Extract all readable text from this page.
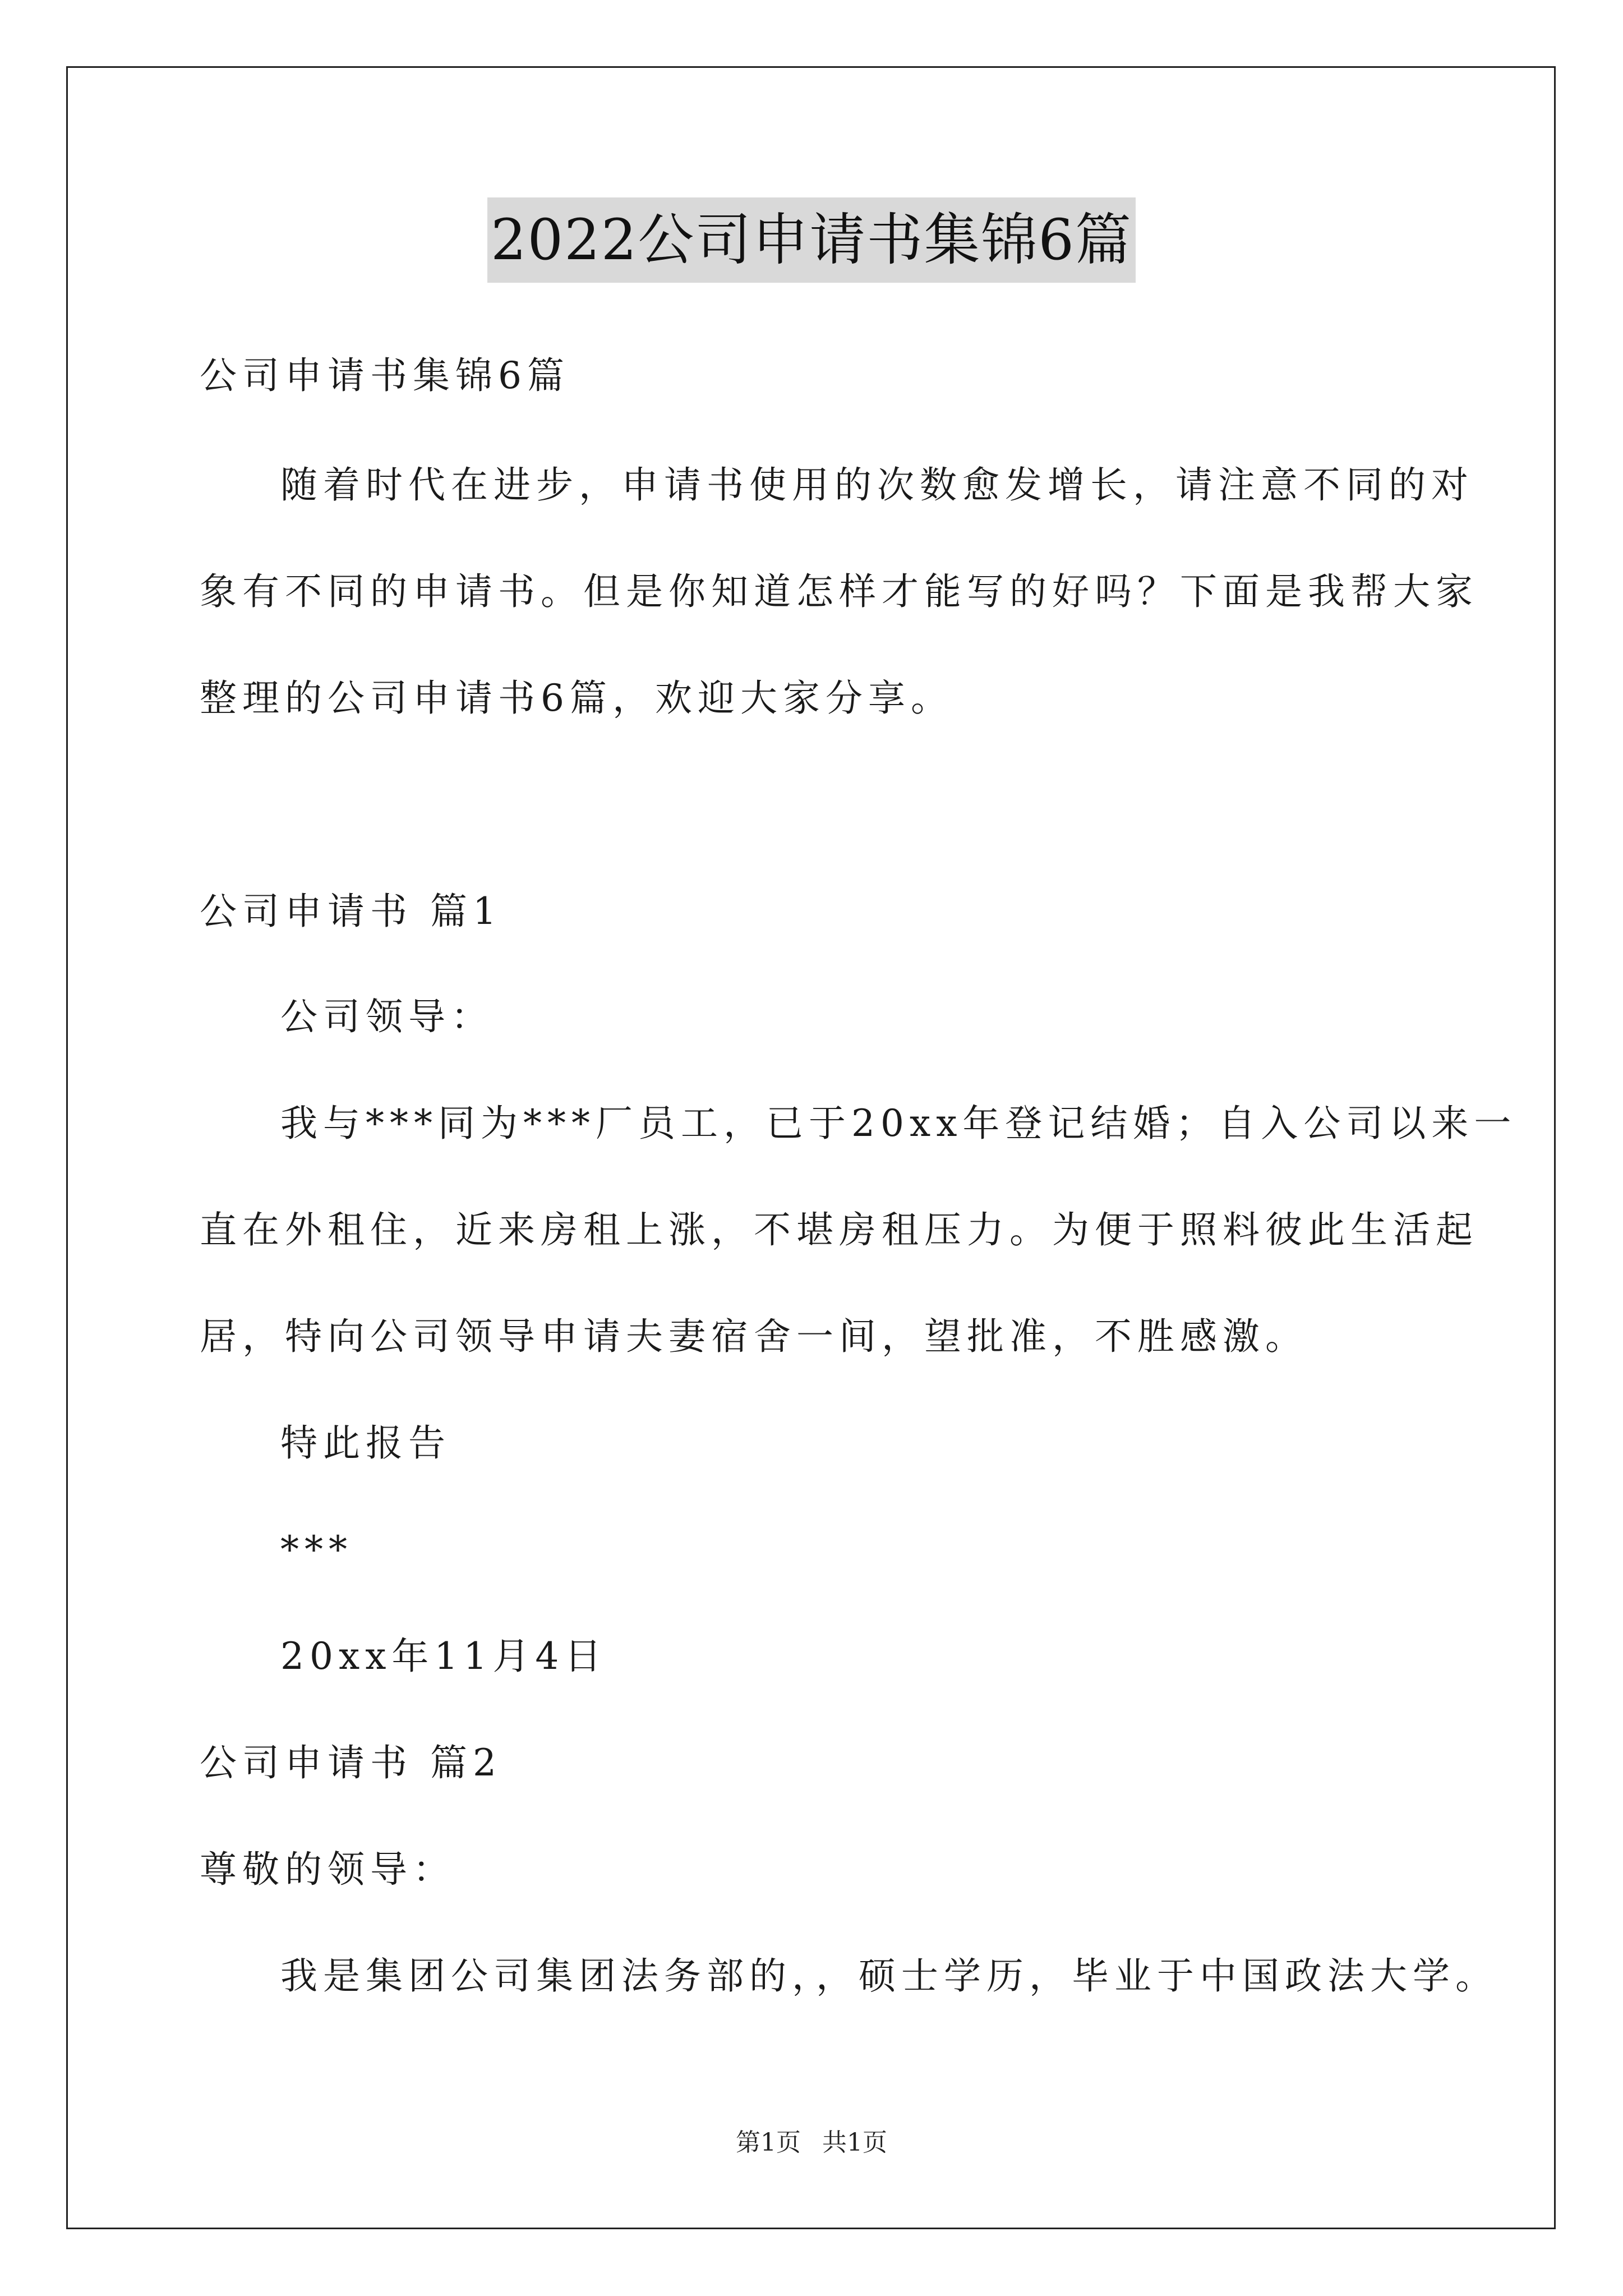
2022公司申请书集锦6篇
公司申请书集锦6篇
随着时代在进步，申请书使用的次数愈发增长，请注意不同的对
象有不同的申请书。但是你知道怎样才能写的好吗？下面是我帮大家
整理的公司申请书6篇，欢迎大家分享。
公司申请书 篇1
公司领导：
我与***同为***厂员工，已于20xx年登记结婚；自入公司以来一
直在外租住，近来房租上涨，不堪房租压力。为便于照料彼此生活起
居，特向公司领导申请夫妻宿舍一间，望批准，不胜感激。
特此报告
***
20xx年11月4日
公司申请书 篇2
尊敬的领导：
我是集团公司集团法务部的，，硕士学历，毕业于中国政法大学。
第1页 共1页
